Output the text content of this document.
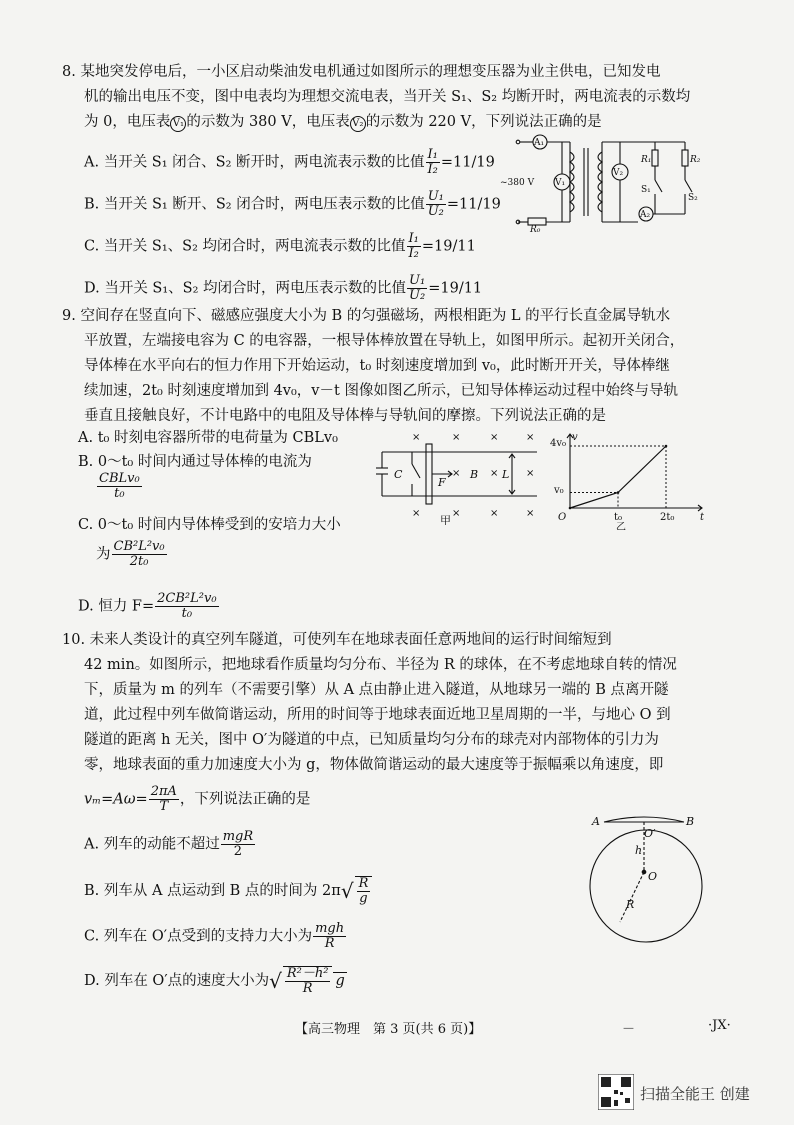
8. 某地突发停电后，一小区启动柴油发电机通过如图所示的理想变压器为业主供电，已知发电
机的输出电压不变，图中电表均为理想交流电表，当开关 S₁、S₂ 均断开时，两电流表的示数均
为 0，电压表 V₁ 的示数为 380 V，电压表 V₂ 的示数为 220 V，下列说法正确的是
A. 当开关 S₁ 闭合、S₂ 断开时，两电流表示数的比值 $\frac{\text{I₁}}{\text{I₂}} =11/19$
B. 当开关 S₁ 断开、S₂ 闭合时，两电压表示数的比值 $\frac{\text{U₁}}{\text{U₂}} =11/19$
C. 当开关 S₁、S₂ 均闭合时，两电流表示数的比值 $\frac{\text{I₁}}{\text{I₂}} =19/11$
D. 当开关 S₁、S₂ 均闭合时，两电压表示数的比值 $\frac{\text{U₁}}{\text{U₂}} =19/11$
A₁
V₁
V₂
A₂
R₁	R₂
S₁
S₂
R₀
~380 V
9. 空间存在竖直向下、磁感应强度大小为 B 的匀强磁场，两根相距为 L 的平行长直金属导轨水
平放置，左端接电容为 C 的电容器，一根导体棒放置在导轨上，如图甲所示。起初开关闭合，
导体棒在水平向右的恒力作用下开始运动，t₀ 时刻速度增加到 v₀，此时断开开关，导体棒继
续加速，2t₀ 时刻速度增加到 4v₀，v－t 图像如图乙所示，已知导体棒运动过程中始终与导轨
垂直且接触良好，不计电路中的电阻及导体棒与导轨间的摩擦。下列说法正确的是
A. t₀ 时刻电容器所带的电荷量为 CBLv₀
B. 0～t₀ 时间内通过导体棒的电流为
$\frac{\text{CBLv₀}}{\text{t₀}}$
C. 0～t₀ 时间内导体棒受到的安培力大小
为 $\frac{\text{CB²L²v₀}}{\text{2t₀}}$
D. 恒力 $F= \frac{\text{2CB²L²v₀}}{\text{t₀}}$
×	×	×	×
×	×	×
×	×	×	×
C
F
B L
甲
v
4v₀
v₀
O	t₀	2t₀	t
乙
10. 未来人类设计的真空列车隧道，可使列车在地球表面任意两地间的运行时间缩短到
42 min。如图所示，把地球看作质量均匀分布、半径为 R 的球体，在不考虑地球自转的情况
下，质量为 m 的列车（不需要引擎）从 A 点由静止进入隧道，从地球另一端的 B 点离开隧
道，此过程中列车做简谐运动，所用的时间等于地球表面近地卫星周期的一半，与地心 O 到
隧道的距离 h 无关，图中 O′为隧道的中点，已知质量均匀分布的球壳对内部物体的引力为
零，地球表面的重力加速度大小为 g，物体做简谐运动的最大速度等于振幅乘以角速度，即
$v_m=A\omega= \frac{2\pi A}{T}$ ，下列说法正确的是
A. 列车的动能不超过 $\frac{\text{mgR}}{2}$
B. 列车从 A 点运动到 B 点的时间为 $2\pi√ \frac{R}{g}$
C. 列车在 O′点受到的支持力大小为 $\frac{\text{mgh}}{R}$
D. 列车在 O′点的速度大小为√ $\frac{\text{R²－h²}}{R}$ g
A	B
O′
h
O
R
【高三物理　第 3 页(共 6 页)】	－	·JX·
扫描全能王 创建
